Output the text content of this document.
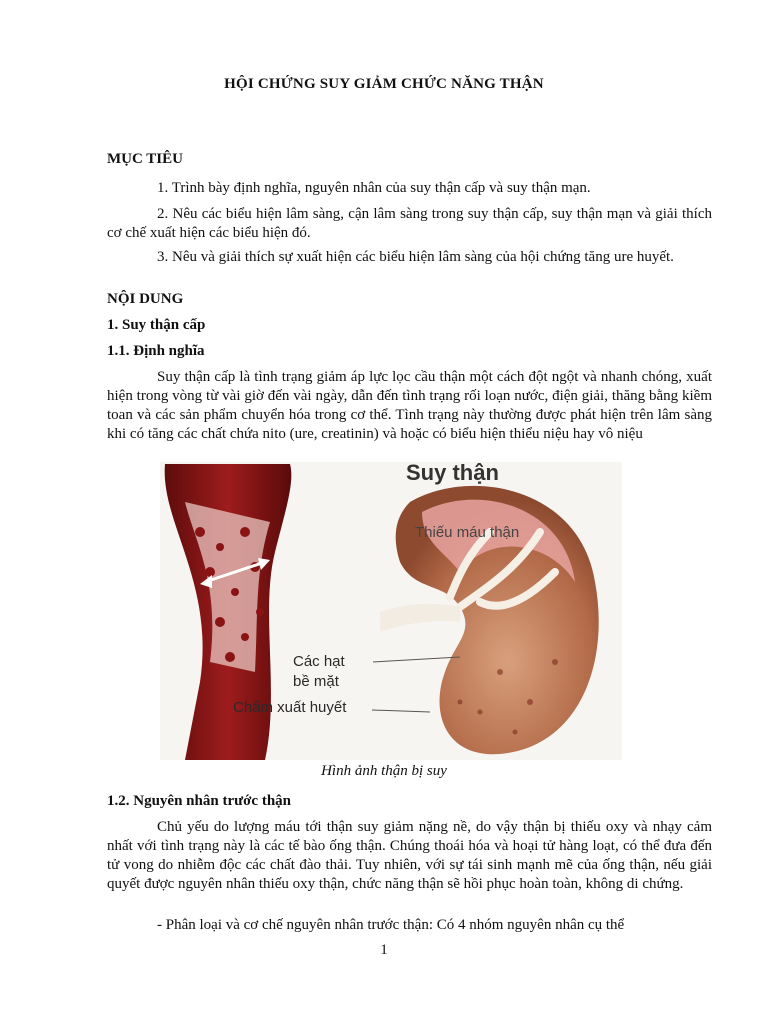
HỘI CHỨNG SUY GIẢM CHỨC NĂNG THẬN
MỤC TIÊU
1. Trình bày định nghĩa, nguyên nhân của suy thận cấp và suy thận mạn.
2. Nêu các biểu hiện lâm sàng, cận lâm sàng trong suy thận cấp, suy thận mạn và giải thích cơ chế xuất hiện các biểu hiện đó.
3. Nêu và giải thích sự xuất hiện các biểu hiện lâm sàng của hội chứng tăng ure huyết.
NỘI DUNG
1. Suy thận cấp
1.1. Định nghĩa
Suy thận cấp là tình trạng giảm áp lực lọc cầu thận một cách đột ngột và nhanh chóng, xuất hiện trong vòng từ vài giờ đến vài ngày, dẫn đến tình trạng rối loạn nước, điện giải, thăng bằng kiềm toan và các sản phẩm chuyển hóa trong cơ thể. Tình trạng này thường được phát hiện trên lâm sàng khi có tăng các chất chứa nito (ure, creatinin) và hoặc có biểu hiện thiểu niệu hay vô niệu
Suy thận
Thiếu máu thận
Các hạt
bề mặt
Chấm xuất huyết
Hình ảnh thận bị suy
1.2. Nguyên nhân trước thận
Chủ yếu do lượng máu tới thận suy giảm nặng nề, do vậy thận bị thiếu oxy và nhạy cảm nhất với tình trạng này là các tế bào ống thận. Chúng thoái hóa và hoại tử hàng loạt, có thể đưa đến tử vong do nhiễm độc các chất đào thải. Tuy nhiên, với sự tái sinh mạnh mẽ của ống thận, nếu giải quyết được nguyên nhân thiếu oxy thận, chức năng thận sẽ hồi phục hoàn toàn, không di chứng.
- Phân loại và cơ chế nguyên nhân trước thận: Có 4 nhóm nguyên nhân cụ thể
1
